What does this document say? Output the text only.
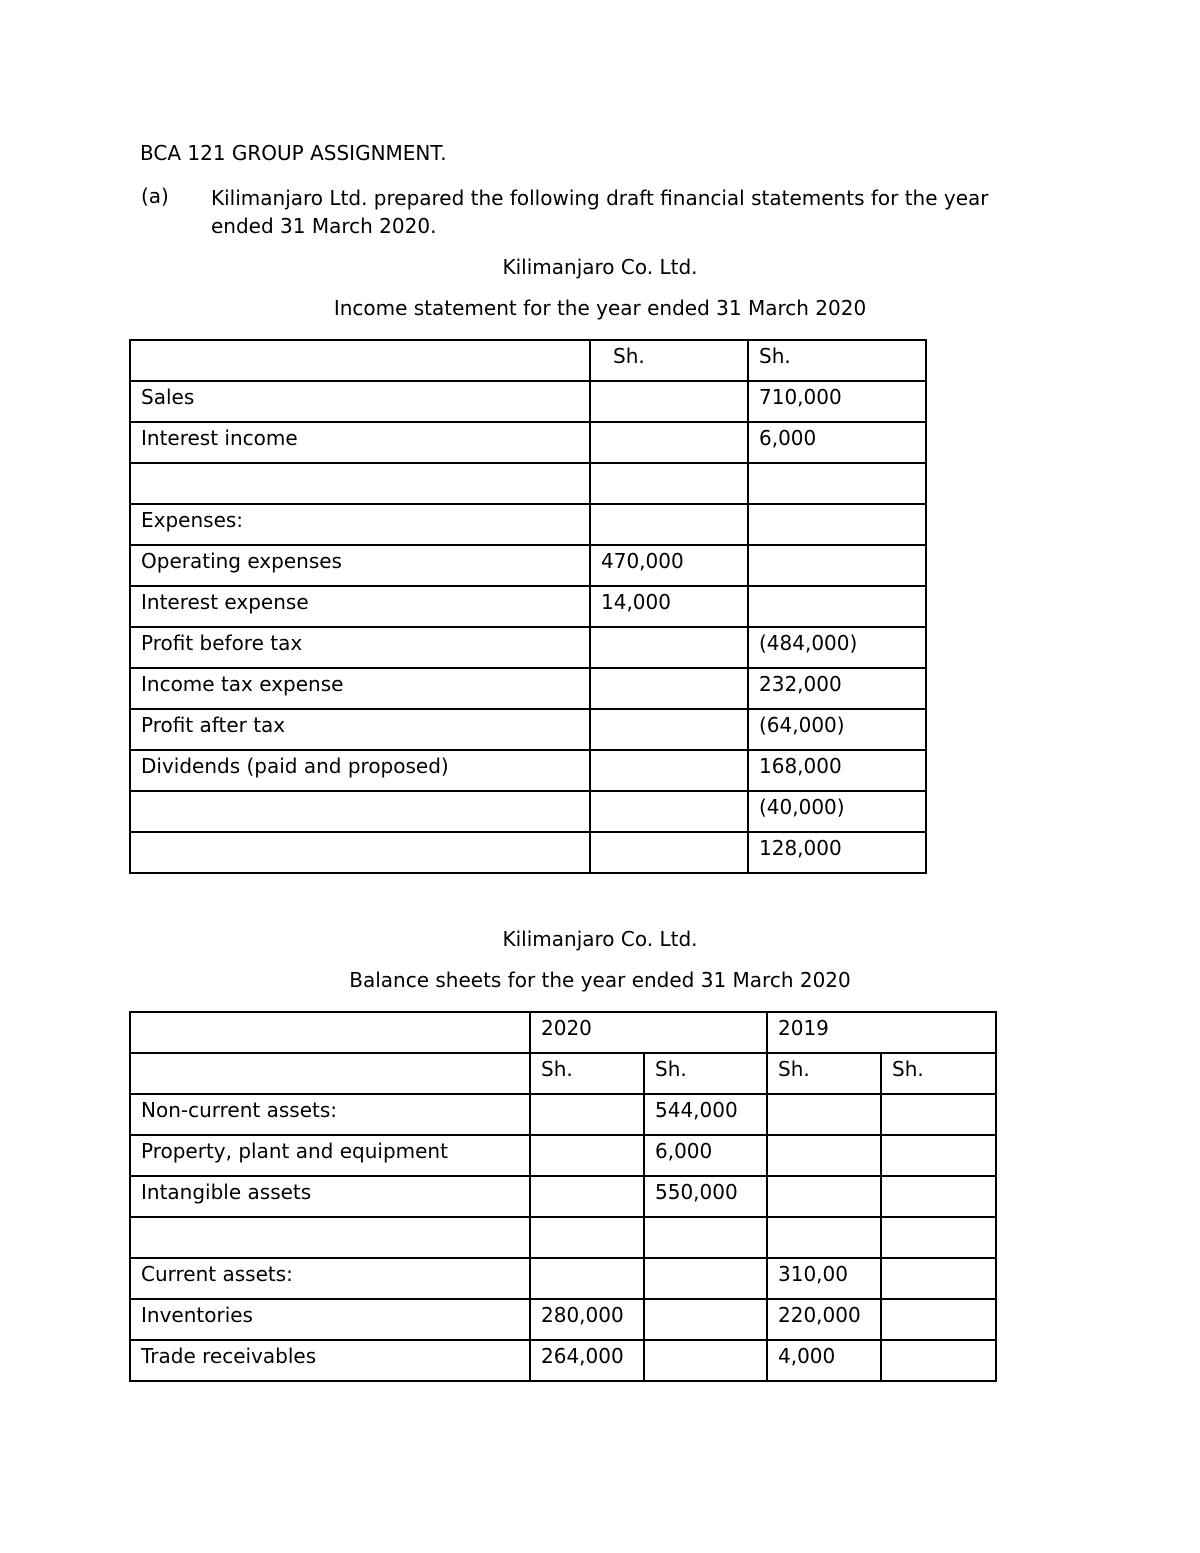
BCA 121 GROUP ASSIGNMENT.
(a) Kilimanjaro Ltd. prepared the following draft financial statements for the year
ended 31 March 2020.
Kilimanjaro Co. Ltd.
Income statement for the year ended 31 March 2020
	Sh.	Sh.
Sales		710,000
Interest income		6,000

Expenses:		
Operating expenses	470,000	
Interest expense	14,000	
Profit before tax		(484,000)
Income tax expense		232,000
Profit after tax		(64,000)
Dividends (paid and proposed)		168,000
		(40,000)
		128,000
Kilimanjaro Co. Ltd.
Balance sheets for the year ended 31 March 2020
	2020		2019	
	Sh.	Sh.	Sh.	Sh.
Non-current assets:		544,000		
Property, plant and equipment		6,000		
Intangible assets		550,000		

Current assets:			310,00	
Inventories	280,000		220,000	
Trade receivables	264,000		4,000	
